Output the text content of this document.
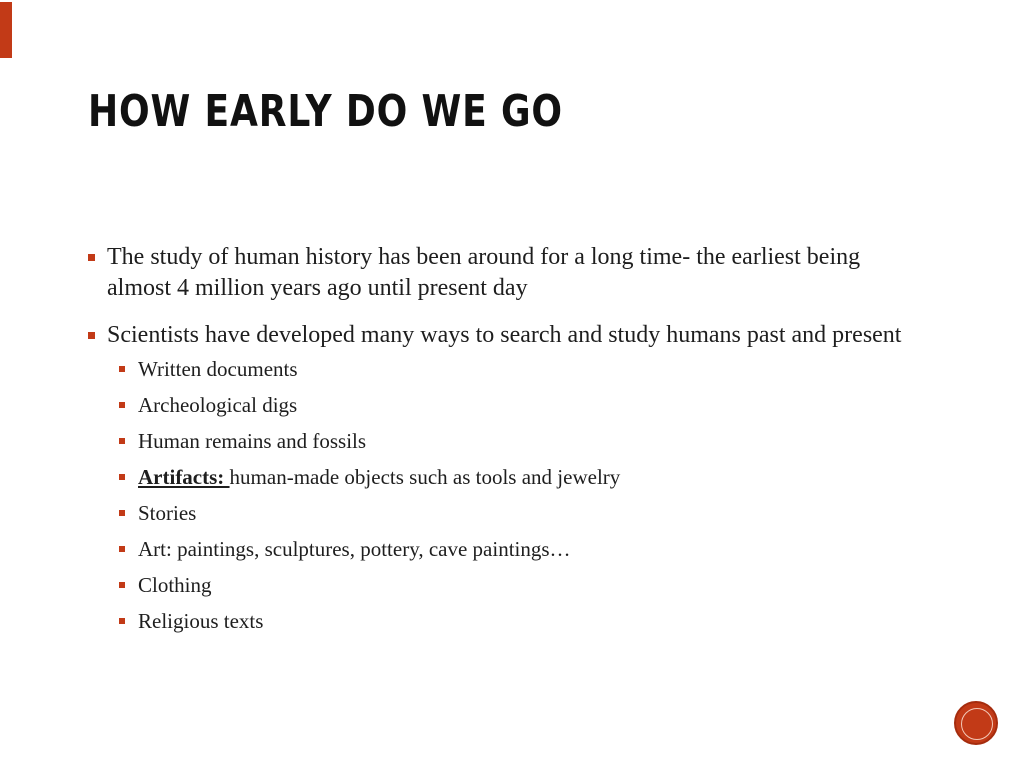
HOW EARLY DO WE GO
The study of human history has been around for a long time- the earliest being almost 4 million years ago until present day
Scientists have developed many ways to search and study humans past and present
Written documents
Archeological digs
Human remains and fossils
Artifacts: human-made objects such as tools and jewelry
Stories
Art: paintings, sculptures, pottery, cave paintings…
Clothing
Religious texts
